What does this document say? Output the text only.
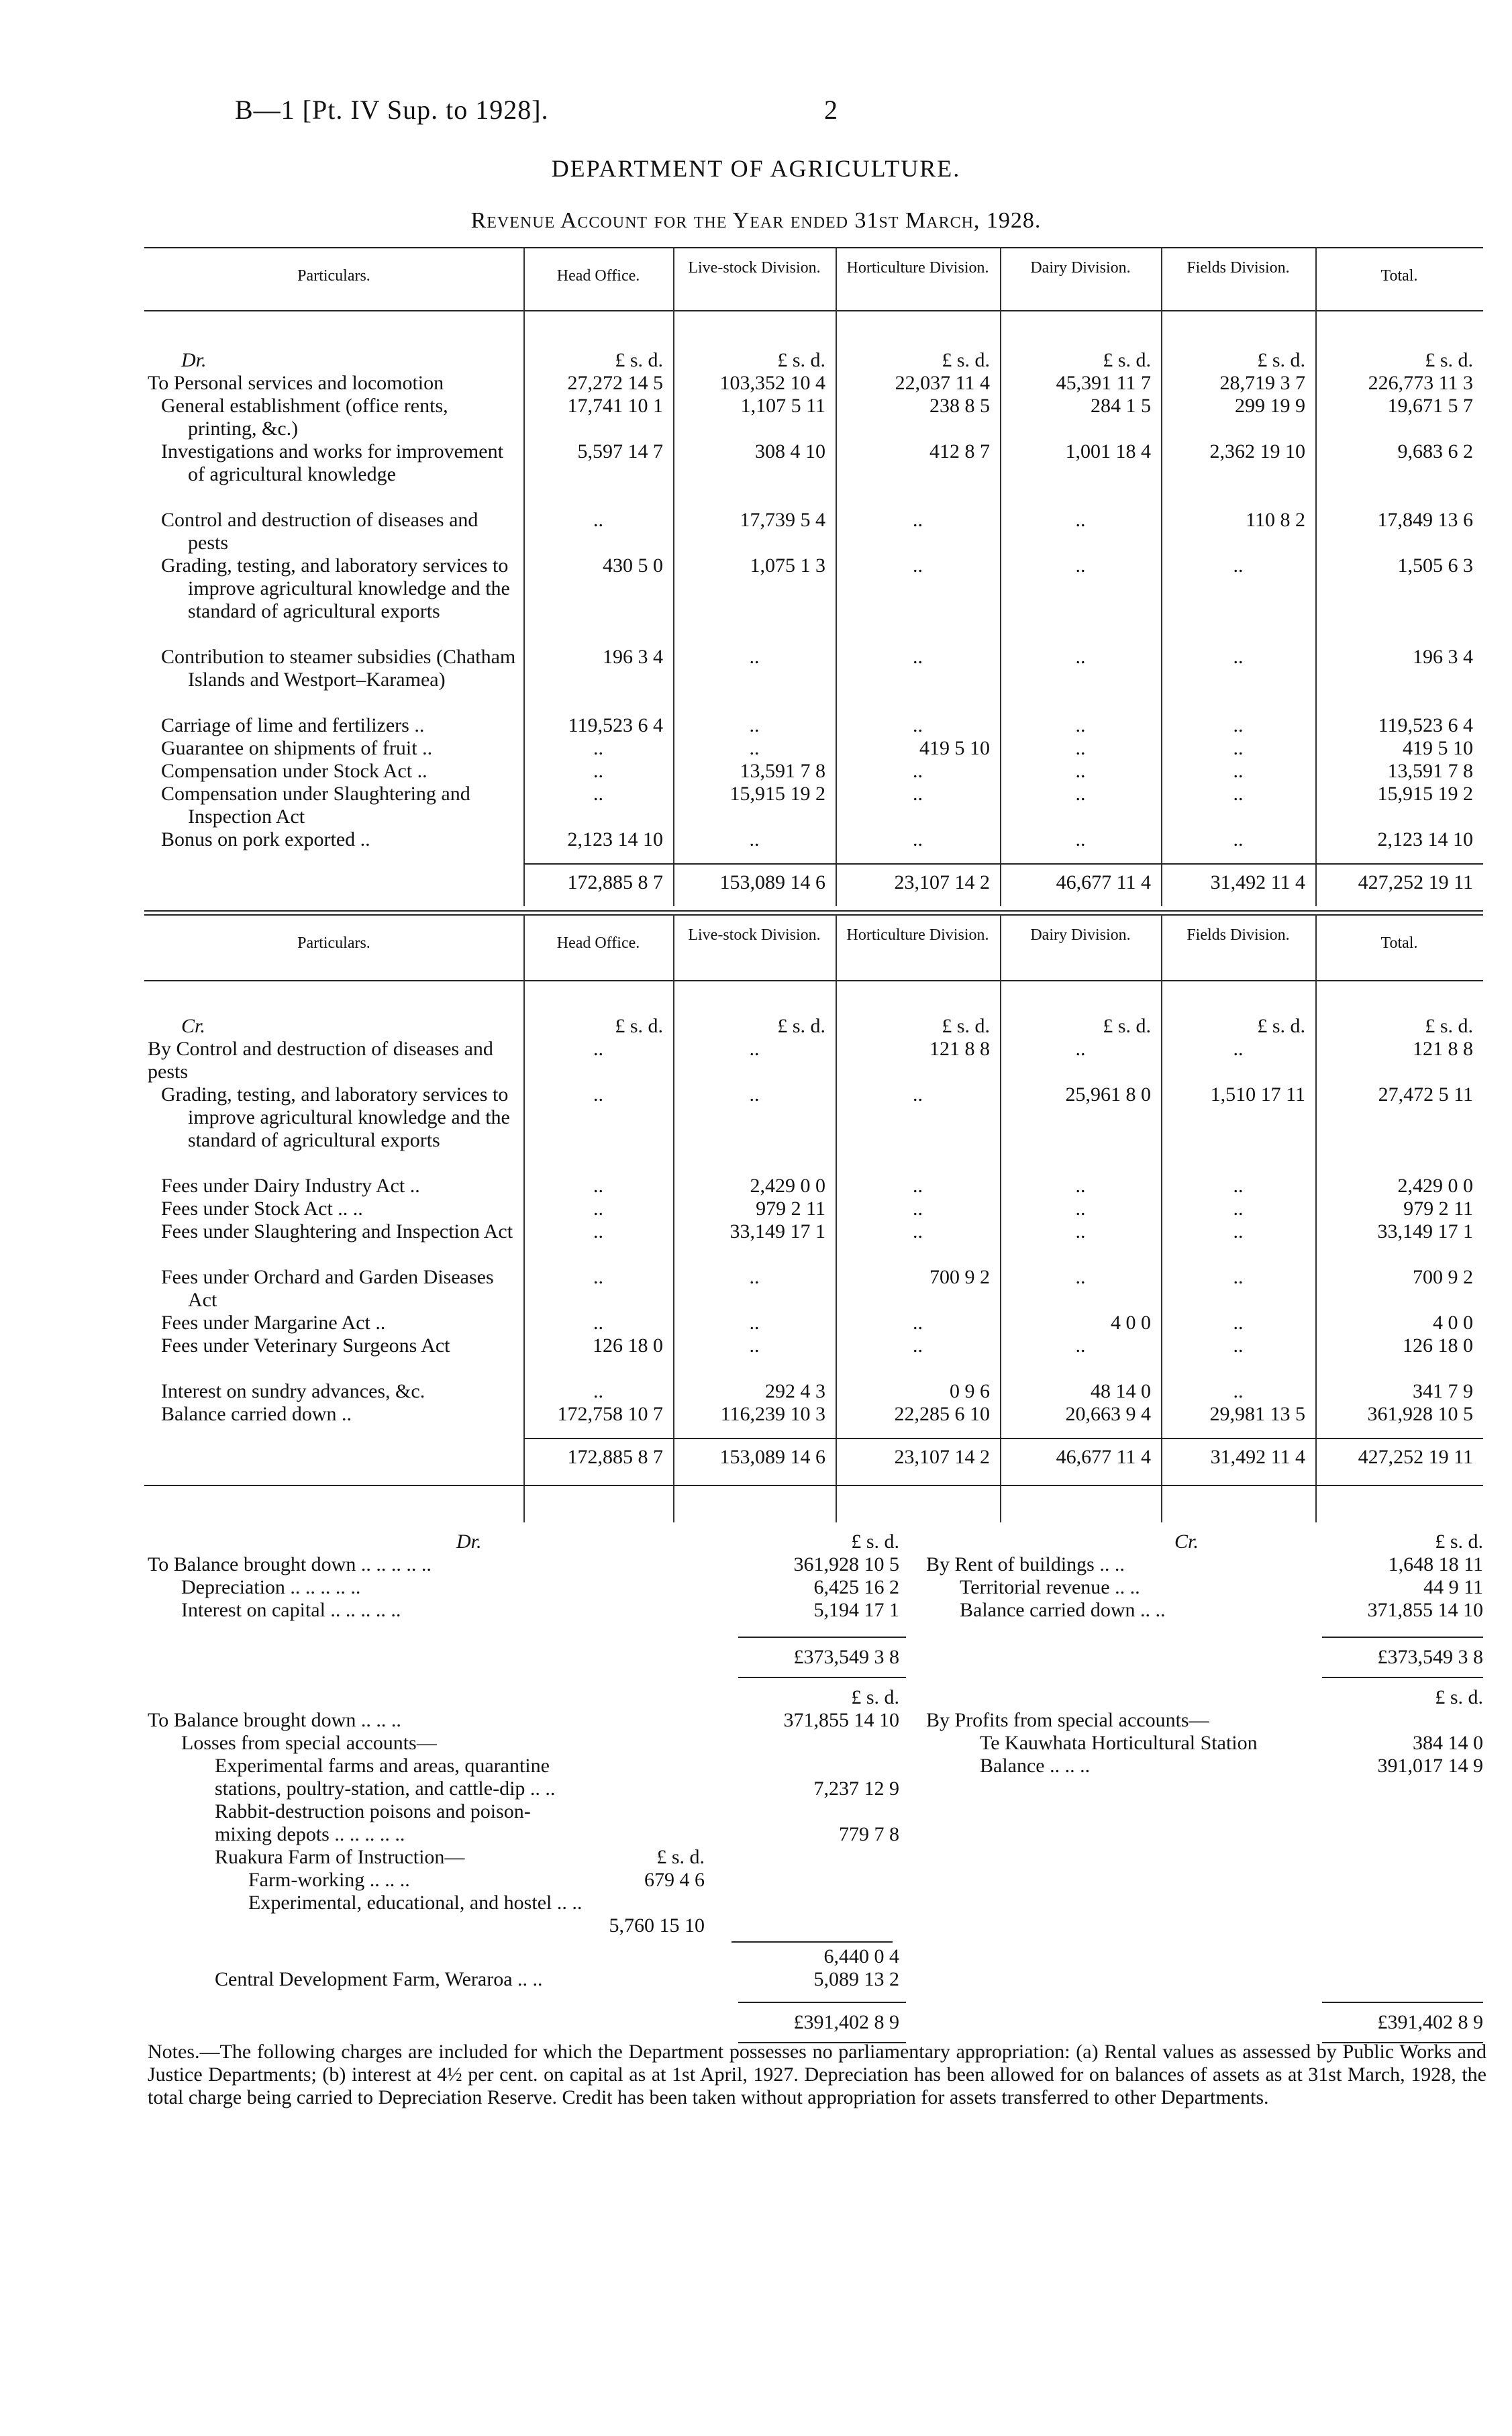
B—1 [Pt. IV Sup. to 1928].	2
DEPARTMENT OF AGRICULTURE.
Revenue Account for the Year ended 31st March, 1928.
Particulars.	Head Office.	Live-stock Division.	Horticulture Division.	Dairy Division.	Fields Division.	Total.
Dr.	£ s. d.	£ s. d.	£ s. d.	£ s. d.	£ s. d.	£ s. d.
To Personal services and locomotion	27,272 14 5	103,352 10 4	22,037 11 4	45,391 11 7	28,719 3 7	226,773 11 3
General establishment (office rents, printing, &c.)
17,741 10 1	1,107 5 11	238 8 5	284 1 5	299 19 9	19,671 5 7
Investigations and works for improvement of agricultural knowledge
5,597 14 7	308 4 10	412 8 7	1,001 18 4	2,362 19 10	9,683 6 2
Control and destruction of diseases and pests
..	17,739 5 4	..	..	110 8 2	17,849 13 6
Grading, testing, and laboratory services to improve agricultural knowledge and the standard of agricultural exports
430 5 0	1,075 1 3	..	..	..	1,505 6 3
Contribution to steamer subsidies (Chatham Islands and Westport–Karamea)
196 3 4	..	..	..	..	196 3 4
Carriage of lime and fertilizers ..	119,523 6 4	..	..	..	..	119,523 6 4
Guarantee on shipments of fruit ..	..	..	419 5 10	..	..	419 5 10
Compensation under Stock Act ..	..	13,591 7 8	..	..	..	13,591 7 8
Compensation under Slaughtering and Inspection Act
..	15,915 19 2	..	..	..	15,915 19 2
Bonus on pork exported ..	2,123 14 10	..	..	..	..	2,123 14 10
172,885 8 7	153,089 14 6	23,107 14 2	46,677 11 4	31,492 11 4	427,252 19 11
Particulars.	Head Office.	Live-stock Division.	Horticulture Division.	Dairy Division.	Fields Division.	Total.
Cr.	£ s. d.	£ s. d.	£ s. d.	£ s. d.	£ s. d.	£ s. d.
By Control and destruction of diseases and pests
..	..	121 8 8	..	..	121 8 8
Grading, testing, and laboratory services to improve agricultural knowledge and the standard of agricultural exports
..	..	..	25,961 8 0	1,510 17 11	27,472 5 11
Fees under Dairy Industry Act ..	..	2,429 0 0	..	..	..	2,429 0 0
Fees under Stock Act .. ..	..	979 2 11	..	..	..	979 2 11
Fees under Slaughtering and Inspection Act	..	33,149 17 1	..	..	..	33,149 17 1
Fees under Orchard and Garden Diseases Act
..	..	700 9 2	..	..	700 9 2
Fees under Margarine Act ..	..	..	..	4 0 0	..	4 0 0
Fees under Veterinary Surgeons Act	126 18 0	..	..	..	..	126 18 0
Interest on sundry advances, &c.	..	292 4 3	0 9 6	48 14 0	..	341 7 9
Balance carried down ..	172,758 10 7	116,239 10 3	22,285 6 10	20,663 9 4	29,981 13 5	361,928 10 5
172,885 8 7	153,089 14 6	23,107 14 2	46,677 11 4	31,492 11 4	427,252 19 11
Dr.	Cr.
£ s. d.	£ s. d.
To Balance brought down .. .. .. .. ..	361,928 10 5
Depreciation .. .. .. .. ..	6,425 16 2
Interest on capital .. .. .. .. ..	5,194 17 1
By Rent of buildings .. ..	1,648 18 11
Territorial revenue .. ..	44 9 11
Balance carried down .. ..	371,855 14 10
£373,549 3 8	£373,549 3 8
£ s. d.	£ s. d.
To Balance brought down .. .. ..	371,855 14 10
Losses from special accounts—
Experimental farms and areas, quarantine stations, poultry-station, and cattle-dip .. ..	7,237 12 9
Rabbit-destruction poisons and poison-mixing depots .. .. .. .. ..	779 7 8
Ruakura Farm of Instruction—	£ s. d.
Farm-working .. .. ..	679 4 6
Experimental, educational, and hostel .. ..
5,760 15 10
6,440 0 4
Central Development Farm, Weraroa .. ..	5,089 13 2
By Profits from special accounts—
Te Kauwhata Horticultural Station	384 14 0
Balance .. .. ..	391,017 14 9
£391,402 8 9	£391,402 8 9
Notes.—The following charges are included for which the Department possesses no parliamentary appropriation: (a) Rental values as assessed by Public Works and Justice Departments; (b) interest at 4½ per cent. on capital as at 1st April, 1927. Depreciation has been allowed for on balances of assets as at 31st March, 1928, the total charge being carried to Depreciation Reserve. Credit has been taken without appropriation for assets transferred to other Departments.
